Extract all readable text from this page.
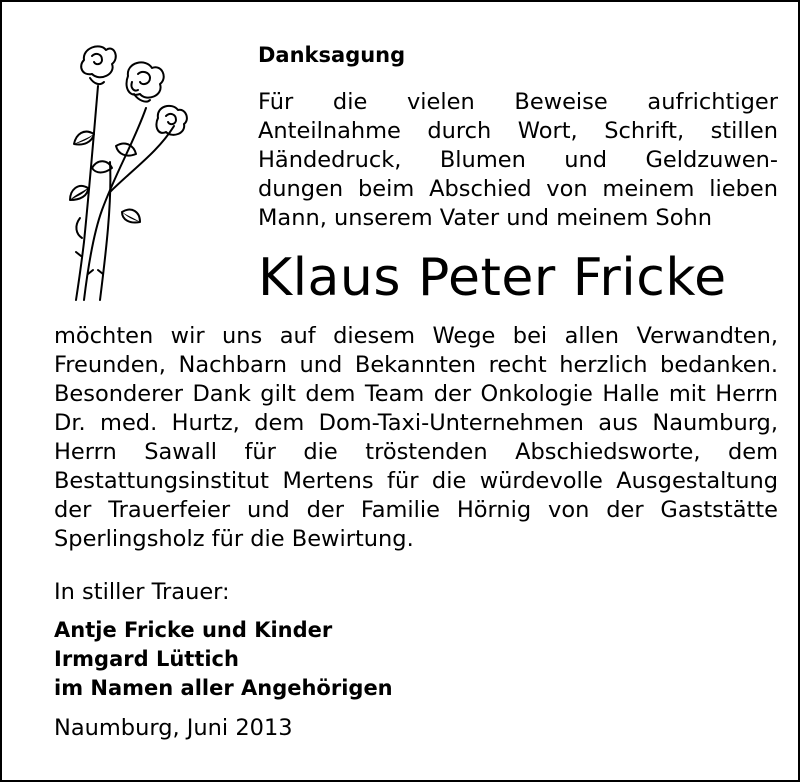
Danksagung
Für die vielen Beweise aufrichtiger
Anteilnahme durch Wort, Schrift, stillen
Händedruck, Blumen und Geldzuwen-
dungen beim Abschied von meinem lieben
Mann, unserem Vater und meinem Sohn
Klaus Peter Fricke
möchten wir uns auf diesem Wege bei allen Verwandten,
Freunden, Nachbarn und Bekannten recht herzlich bedanken.
Besonderer Dank gilt dem Team der Onkologie Halle mit Herrn
Dr. med. Hurtz, dem Dom-Taxi-Unternehmen aus Naumburg,
Herrn Sawall für die tröstenden Abschiedsworte, dem
Bestattungsinstitut Mertens für die würdevolle Ausgestaltung
der Trauerfeier und der Familie Hörnig von der Gaststätte
Sperlingsholz für die Bewirtung.
In stiller Trauer:
Antje Fricke und Kinder
Irmgard Lüttich
im Namen aller Angehörigen
Naumburg, Juni 2013
